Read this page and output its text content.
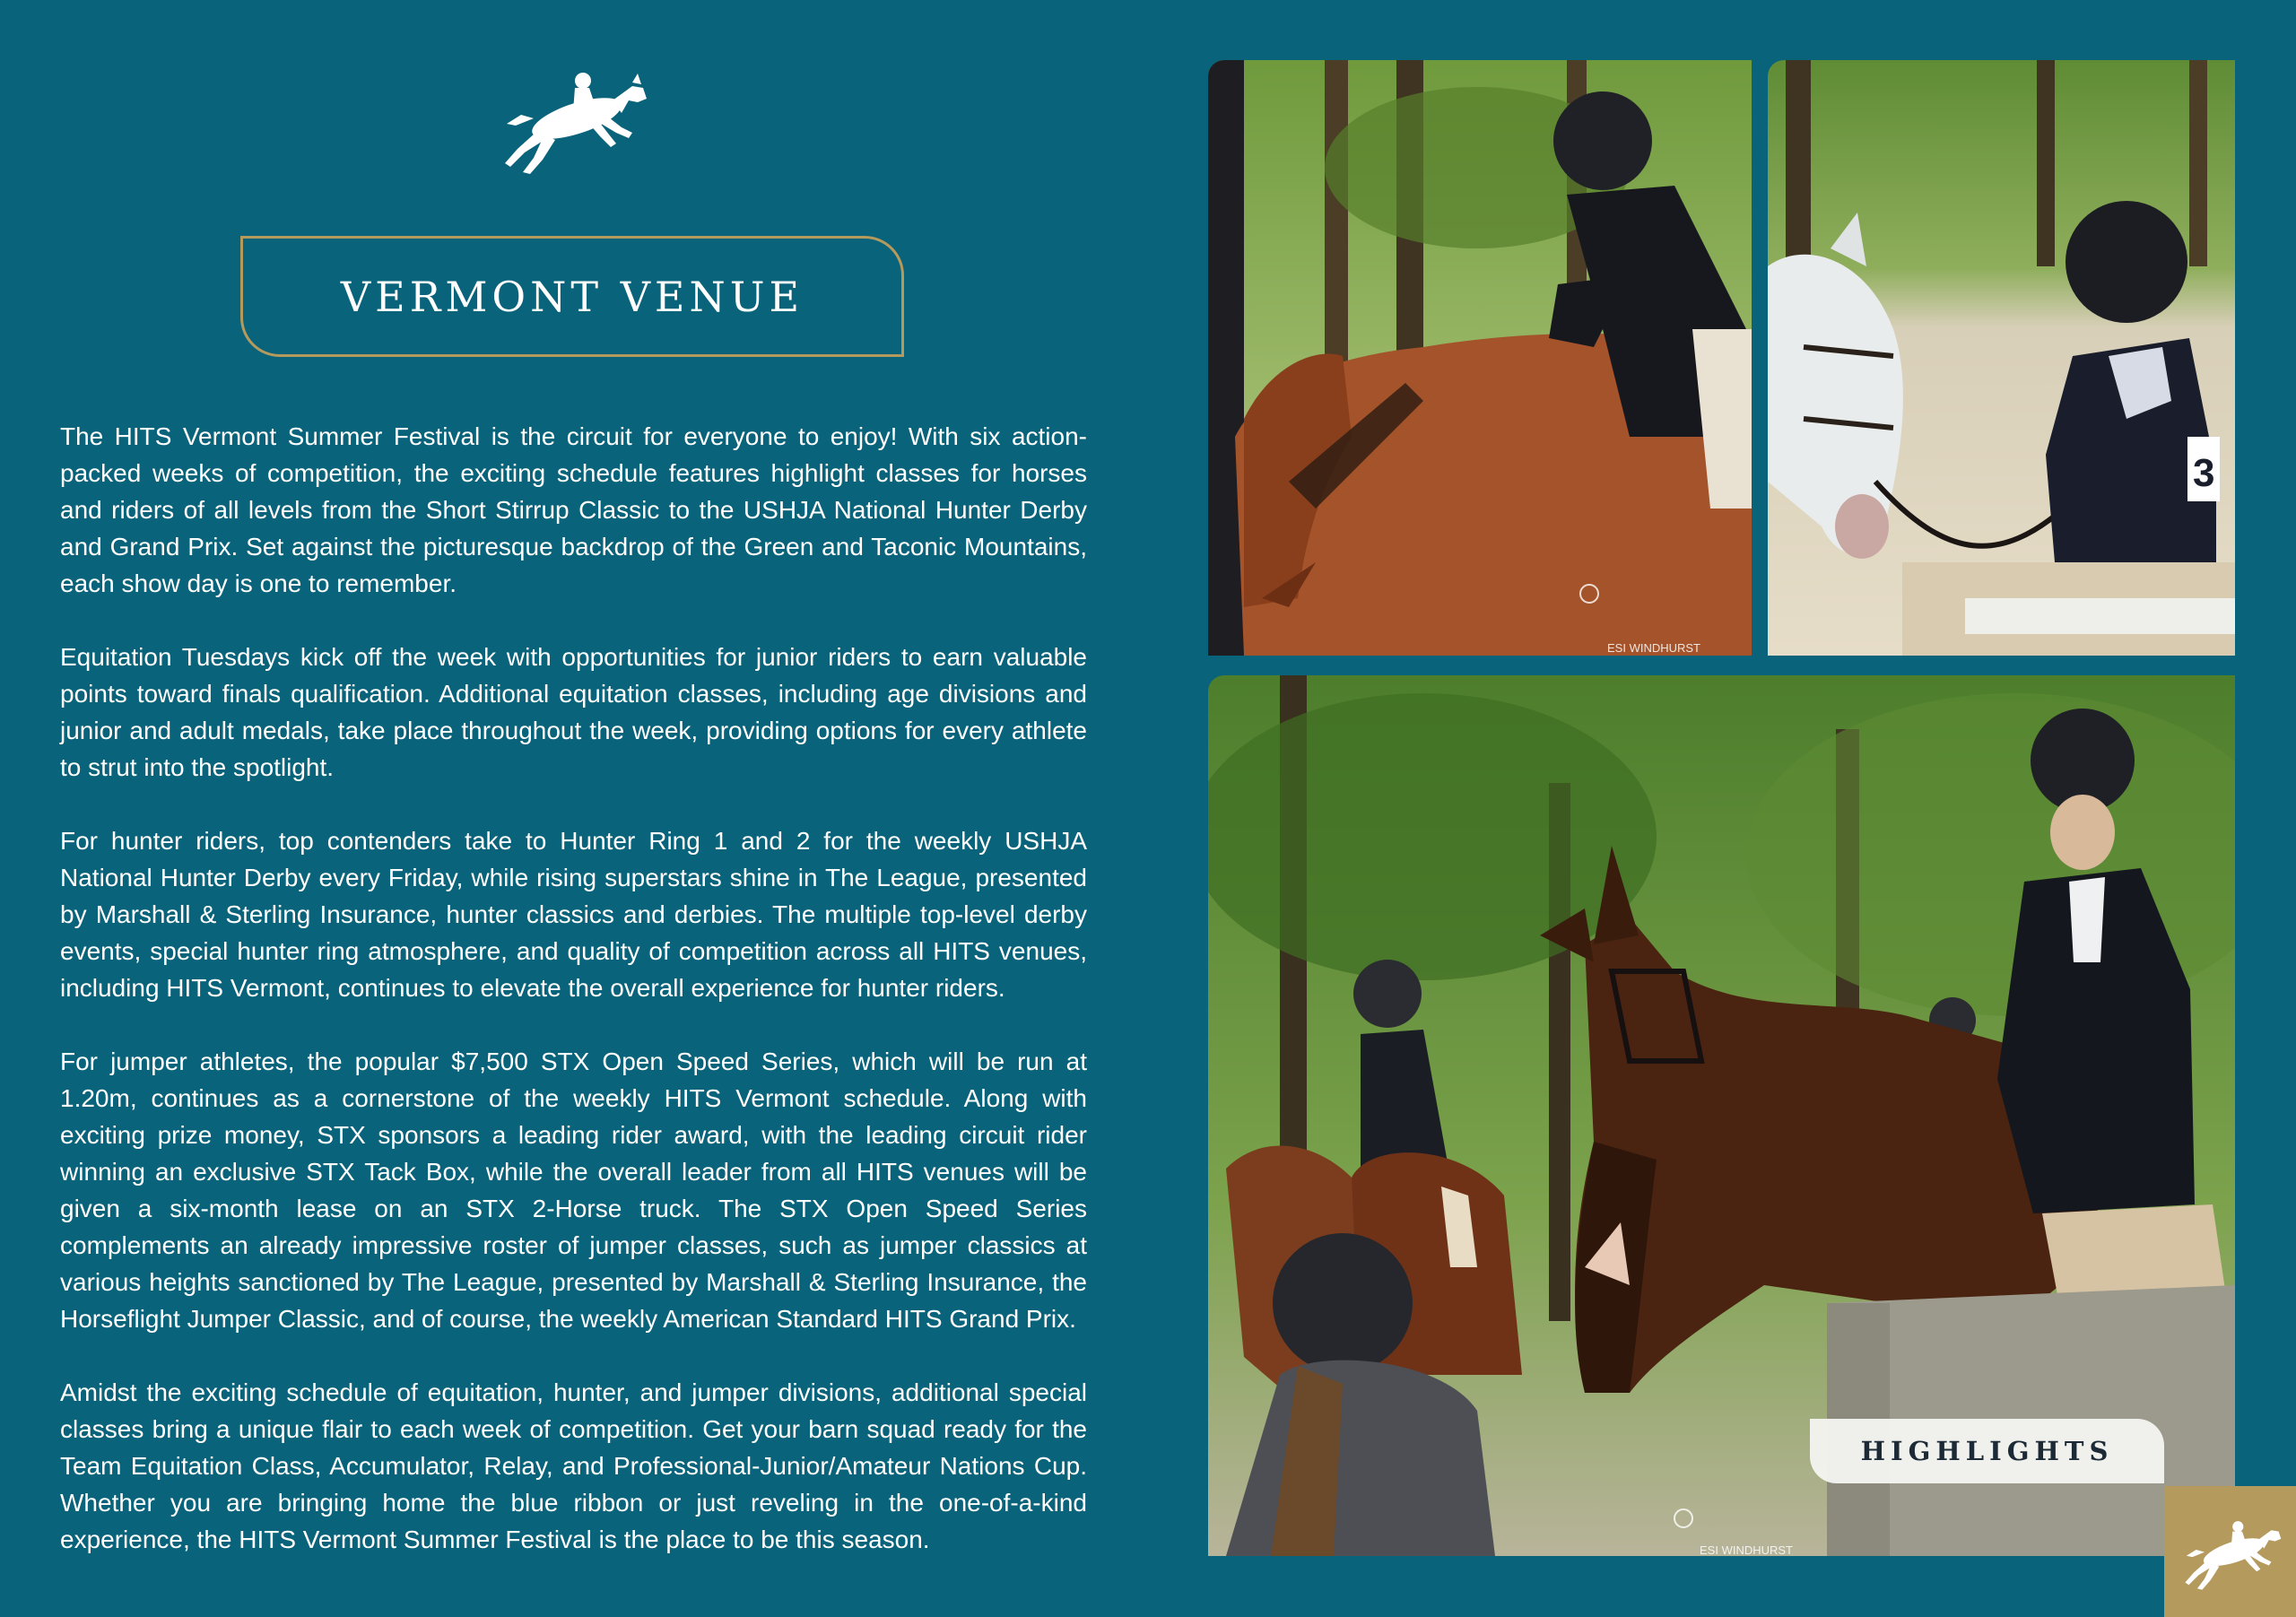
VERMONT VENUE

The HITS Vermont Summer Festival is the circuit for everyone to enjoy! With six action-packed weeks of competition, the exciting schedule features highlight classes for horses and riders of all levels from the Short Stirrup Classic to the USHJA National Hunter Derby and Grand Prix. Set against the picturesque backdrop of the Green and Taconic Mountains, each show day is one to remember.

Equitation Tuesdays kick off the week with opportunities for junior riders to earn valuable points toward finals qualification. Additional equitation classes, including age divisions and junior and adult medals, take place throughout the week, providing options for every athlete to strut into the spotlight.

For hunter riders, top contenders take to Hunter Ring 1 and 2 for the weekly USHJA National Hunter Derby every Friday, while rising superstars shine in The League, presented by Marshall & Sterling Insurance, hunter classics and derbies. The multiple top-level derby events, special hunter ring atmosphere, and quality of competition across all HITS venues, including HITS Vermont, continues to elevate the overall experience for hunter riders.

For jumper athletes, the popular $7,500 STX Open Speed Series, which will be run at 1.20m, continues as a cornerstone of the weekly HITS Vermont schedule. Along with exciting prize money, STX sponsors a leading rider award, with the leading circuit rider winning an exclusive STX Tack Box, while the overall leader from all HITS venues will be given a six-month lease on an STX 2-Horse truck. The STX Open Speed Series complements an already impressive roster of jumper classes, such as jumper classics at various heights sanctioned by The League, presented by Marshall & Sterling Insurance, the Horseflight Jumper Classic, and of course, the weekly American Standard HITS Grand Prix.

Amidst the exciting schedule of equitation, hunter, and jumper divisions, additional special classes bring a unique flair to each week of competition. Get your barn squad ready for the Team Equitation Class, Accumulator, Relay, and Professional-Junior/Amateur Nations Cup. Whether you are bringing home the blue ribbon or just reveling in the one-of-a-kind experience, the HITS Vermont Summer Festival is the place to be this season.

ESI WINDHURST
3
ESI WINDHURST
HIGHLIGHTS
